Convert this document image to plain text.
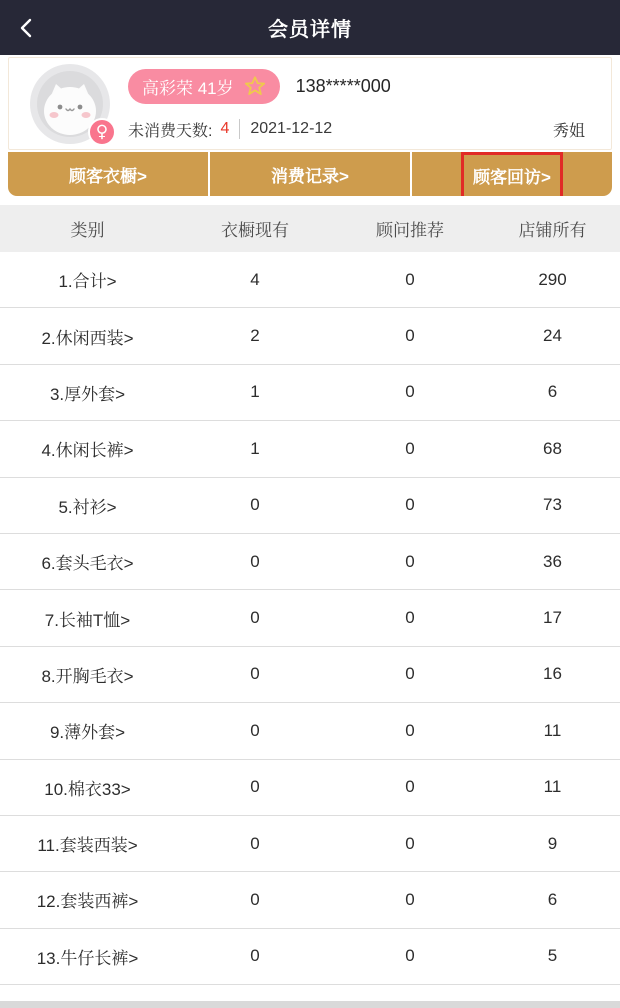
会员详情
♀
高彩荣 41岁	138*****000
未消费天数: 4 2021-12-12	秀姐
顾客衣橱>	消费记录>	顾客回访>
类别	衣橱现有	顾问推荐	店铺所有
1.合计>	4	0	290
2.休闲西装>	2	0	24
3.厚外套>	1	0	6
4.休闲长裤>	1	0	68
5.衬衫>	0	0	73
6.套头毛衣>	0	0	36
7.长袖T恤>	0	0	17
8.开胸毛衣>	0	0	16
9.薄外套>	0	0	11
10.棉衣33>	0	0	11
11.套装西装>	0	0	9
12.套装西裤>	0	0	6
13.牛仔长裤>	0	0	5
